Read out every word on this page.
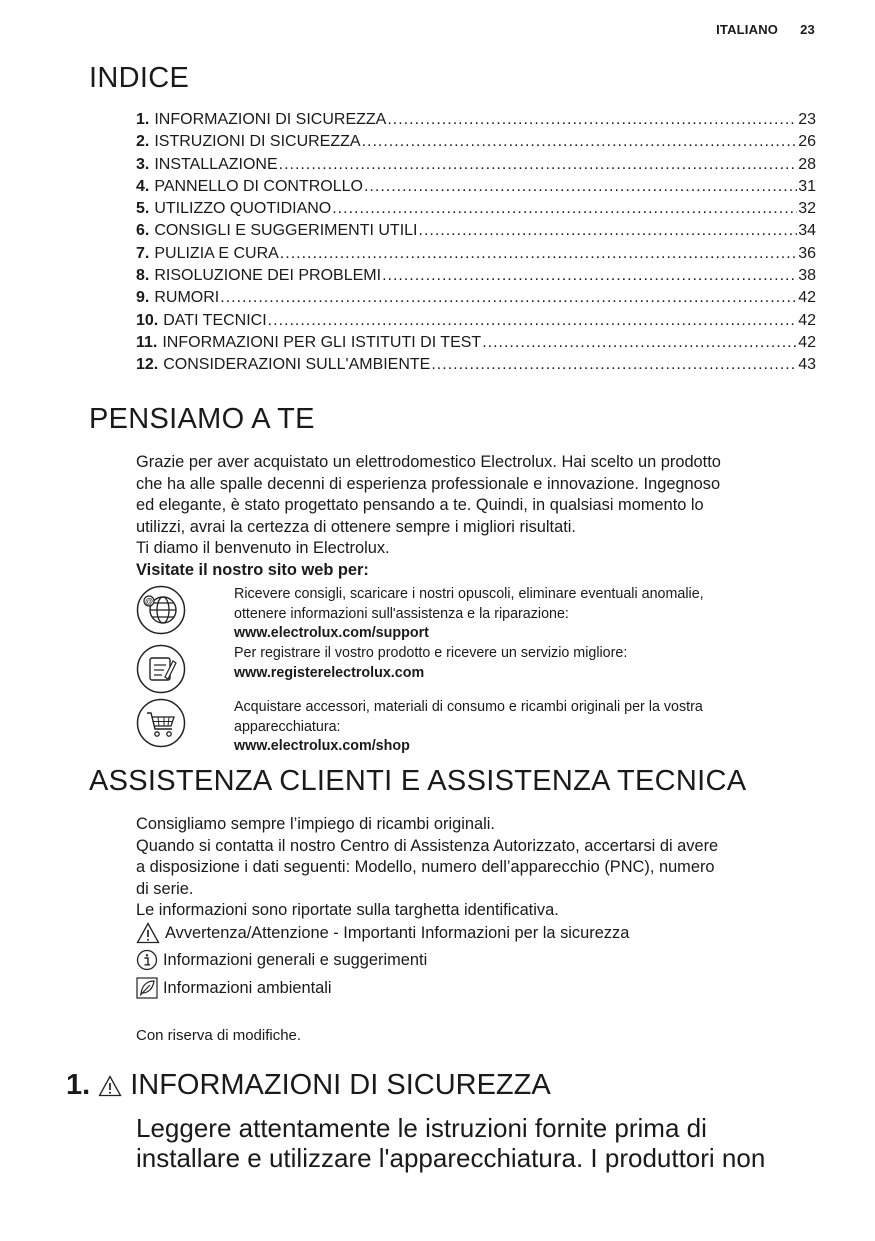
ITALIANO 23
INDICE
1. INFORMAZIONI DI SICUREZZA .....	23
2. ISTRUZIONI DI SICUREZZA .....	26
3. INSTALLAZIONE .....	28
4. PANNELLO DI CONTROLLO .....	31
5. UTILIZZO QUOTIDIANO .....	32
6. CONSIGLI E SUGGERIMENTI UTILI .....	34
7. PULIZIA E CURA .....	36
8. RISOLUZIONE DEI PROBLEMI .....	38
9. RUMORI .....	42
10. DATI TECNICI .....	42
11. INFORMAZIONI PER GLI ISTITUTI DI TEST .....	42
12. CONSIDERAZIONI SULL'AMBIENTE .....	43
PENSIAMO A TE

Grazie per aver acquistato un elettrodomestico Electrolux. Hai scelto un prodotto

che ha alle spalle decenni di esperienza professionale e innovazione. Ingegnoso

ed elegante, è stato progettato pensando a te. Quindi, in qualsiasi momento lo

utilizzi, avrai la certezza di ottenere sempre i migliori risultati.

Ti diamo il benvenuto in Electrolux.

Visitate il nostro sito web per:

@	Ricevere consigli, scaricare i nostri opuscoli, eliminare eventuali anomalie,
ottenere informazioni sull'assistenza e la riparazione:
www.electrolux.com/support
Per registrare il vostro prodotto e ricevere un servizio migliore:
www.registerelectrolux.com
Acquistare accessori, materiali di consumo e ricambi originali per la vostra
apparecchiatura:
www.electrolux.com/shop
ASSISTENZA CLIENTI E ASSISTENZA TECNICA

Consigliamo sempre l’impiego di ricambi originali.

Quando si contatta il nostro Centro di Assistenza Autorizzato, accertarsi di avere

a disposizione i dati seguenti: Modello, numero dell’apparecchio (PNC), numero

di serie.

Le informazioni sono riportate sulla targhetta identificativa.

Avvertenza/Attenzione - Importanti Informazioni per la sicurezza
Informazioni generali e suggerimenti
Informazioni ambientali
Con riserva di modifiche.
1. INFORMAZIONI DI SICUREZZA
Leggere attentamente le istruzioni fornite prima di
installare e utilizzare l'apparecchiatura. I produttori non
